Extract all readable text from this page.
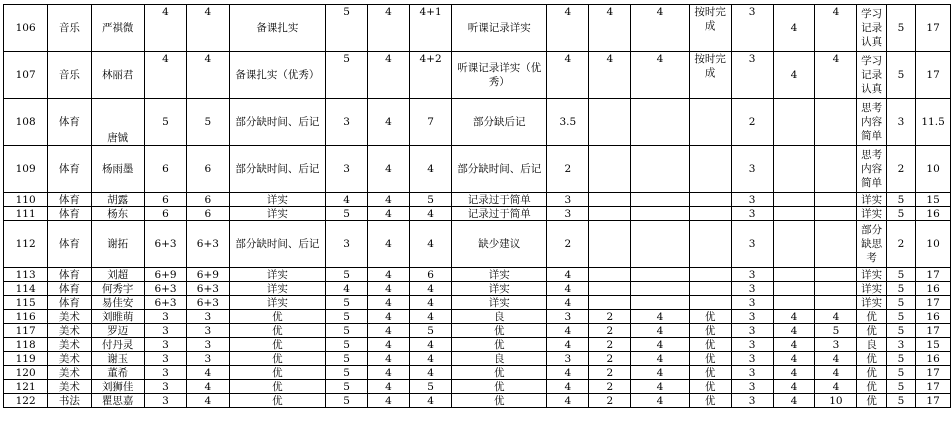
106	音乐	严祺微	4	4	备课扎实	5	4	4+1	听课记录详实	4	4	4	按时完成	3	4	4	学习记录认真	5	17
107	音乐	林丽君	4	4	备课扎实（优秀）	5	4	4+2	听课记录详实（优秀）	4	4	4	按时完成	3	4	4	学习记录认真	5	17
108	体育	唐铖	5	5	部分缺时间、后记	3	4	7	部分缺后记	3.5				2			思考内容简单	3	11.5
109	体育	杨雨墨	6	6	部分缺时间、后记	3	4	4	部分缺时间、后记	2				3			思考内容简单	2	10
110	体育	胡露	6	6	详实	4	4	5	记录过于简单	3				3			详实	5	15
111	体育	杨东	6	6	详实	5	4	4	记录过于简单	3				3			详实	5	16
112	体育	谢拓	6+3	6+3	部分缺时间、后记	3	4	4	缺少建议	2				3			部分缺思考	2	10
113	体育	刘超	6+9	6+9	详实	5	4	6	详实	4				3			详实	5	17
114	体育	何秀宇	6+3	6+3	详实	4	4	4	详实	4				3			详实	5	16
115	体育	易佳安	6+3	6+3	详实	5	4	4	详实	4				3			详实	5	17
116	美术	刘睢萌	3	3	优	5	4	4	良	3	2	4	优	3	4	4	优	5	16
117	美术	罗迈	3	3	优	5	4	5	优	4	2	4	优	3	4	5	优	5	17
118	美术	付丹灵	3	3	优	5	4	4	优	4	2	4	优	3	4	3	良	3	15
119	美术	谢玉	3	3	优	5	4	4	良	3	2	4	优	3	4	4	优	5	16
120	美术	董希	3	4	优	5	4	4	优	4	2	4	优	3	4	4	优	5	17
121	美术	刘狮佳	3	4	优	5	4	5	优	4	2	4	优	3	4	4	优	5	17
122	书法	瞿思嘉	3	4	优	5	4	4	优	4	2	4	优	3	4	10	优	5	17
